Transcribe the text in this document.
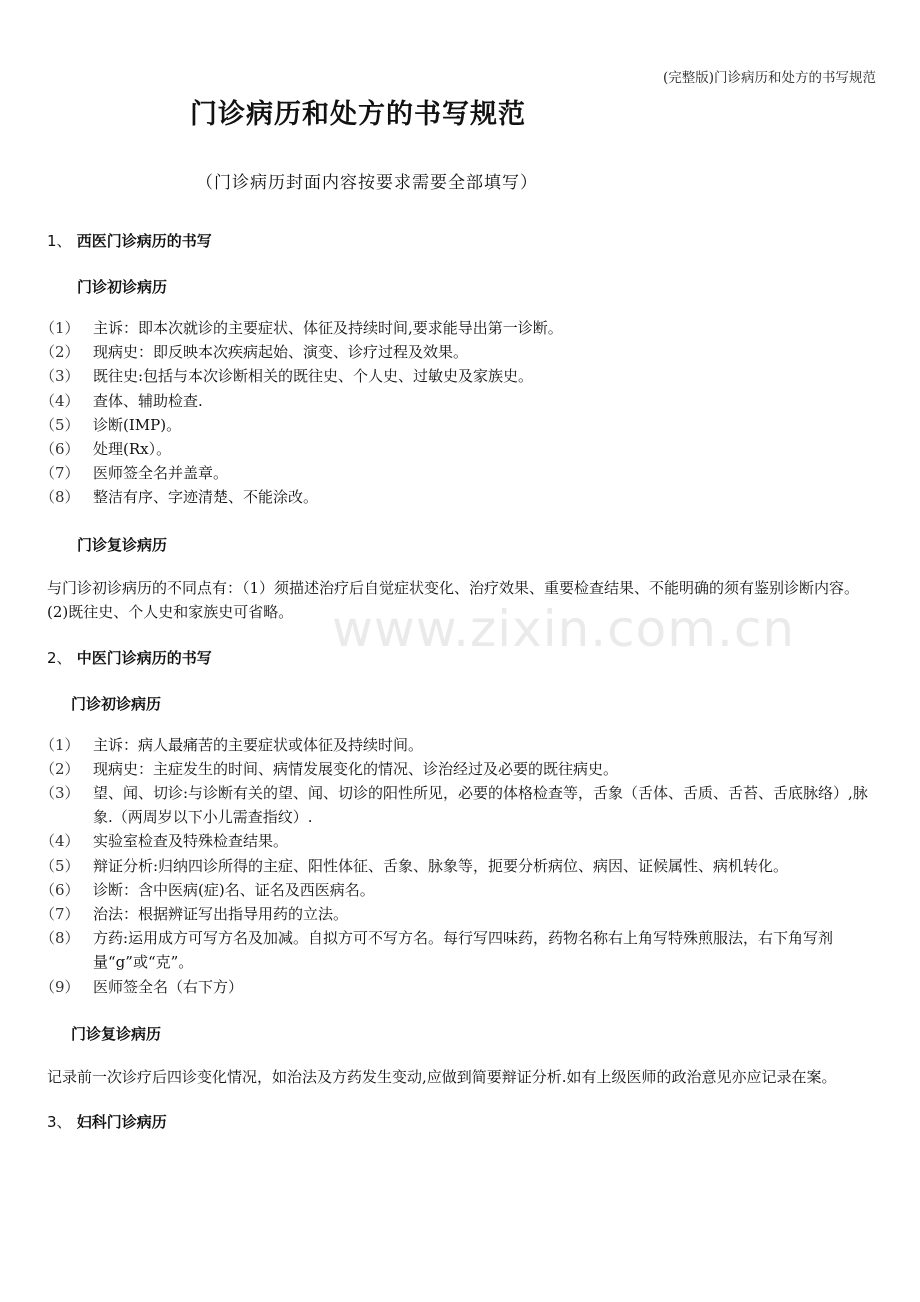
(完整版)门诊病历和处方的书写规范
门诊病历和处方的书写规范
（门诊病历封面内容按要求需要全部填写）
www.zixin.com.cn
1、 西医门诊病历的书写
门诊初诊病历
（1） 主诉：即本次就诊的主要症状、体征及持续时间,要求能导出第一诊断。
（2） 现病史：即反映本次疾病起始、演变、诊疗过程及效果。
（3） 既往史:包括与本次诊断相关的既往史、个人史、过敏史及家族史。
（4） 查体、辅助检查.
（5） 诊断(IMP)。
（6） 处理(Rx）。
（7） 医师签全名并盖章。
（8） 整洁有序、字迹清楚、不能涂改。
门诊复诊病历
与门诊初诊病历的不同点有：（1）须描述治疗后自觉症状变化、治疗效果、重要检查结果、不能明确的须有鉴别诊断内容。(2)既往史、个人史和家族史可省略。
2、 中医门诊病历的书写
门诊初诊病历
（1） 主诉：病人最痛苦的主要症状或体征及持续时间。
（2） 现病史：主症发生的时间、病情发展变化的情况、诊治经过及必要的既往病史。
（3） 望、闻、切诊:与诊断有关的望、闻、切诊的阳性所见，必要的体格检查等，舌象（舌体、舌质、舌苔、舌底脉络）,脉象.（两周岁以下小儿需查指纹）.
（4） 实验室检查及特殊检查结果。
（5） 辩证分析:归纳四诊所得的主症、阳性体征、舌象、脉象等，扼要分析病位、病因、证候属性、病机转化。
（6） 诊断：含中医病(症)名、证名及西医病名。
（7） 治法：根据辨证写出指导用药的立法。
（8） 方药:运用成方可写方名及加减。自拟方可不写方名。每行写四味药，药物名称右上角写特殊煎服法，右下角写剂量“g”或“克”。
（9） 医师签全名（右下方）
门诊复诊病历
记录前一次诊疗后四诊变化情况，如治法及方药发生变动,应做到简要辩证分析.如有上级医师的政治意见亦应记录在案。
3、 妇科门诊病历
